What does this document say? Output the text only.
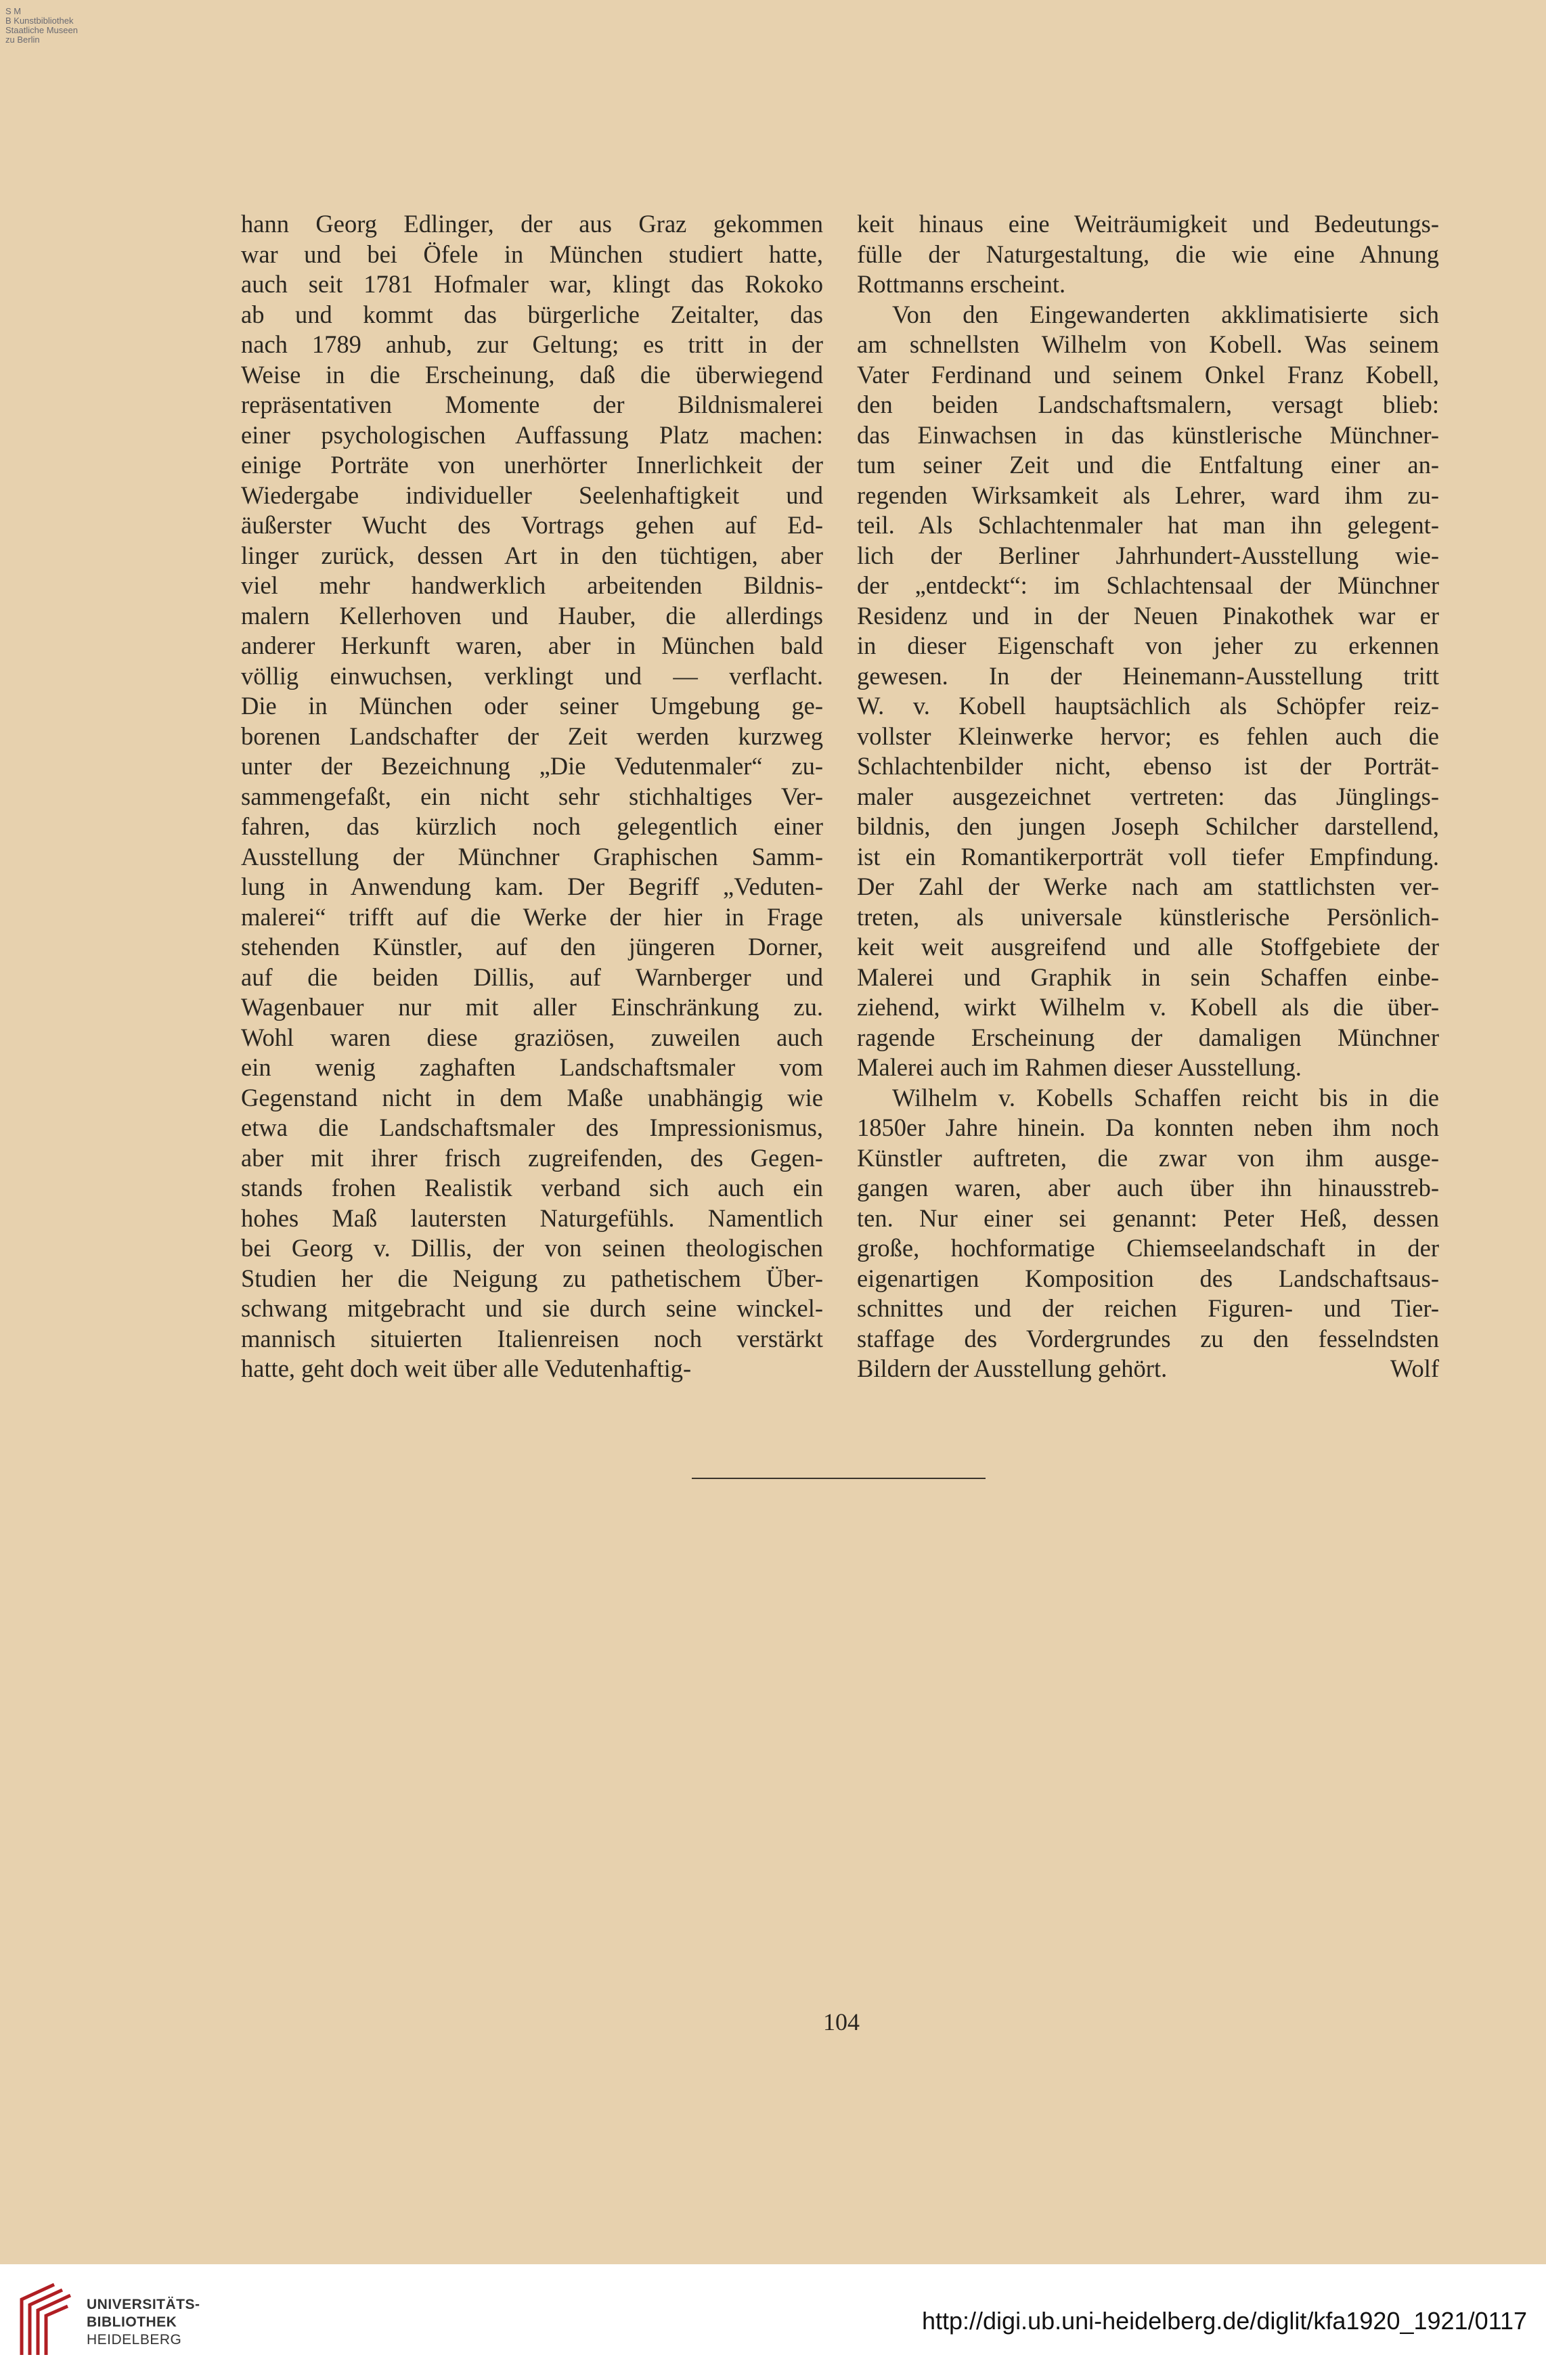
S M
B Kunstbibliothek
Staatliche Museen
zu Berlin
hann Georg Edlinger, der aus Graz gekommen
war und bei Öfele in München studiert hatte,
auch seit 1781 Hofmaler war, klingt das Rokoko
ab und kommt das bürgerliche Zeitalter, das
nach 1789 anhub, zur Geltung; es tritt in der
Weise in die Erscheinung, daß die überwiegend
repräsentativen Momente der Bildnismalerei
einer psychologischen Auffassung Platz machen:
einige Porträte von unerhörter Innerlichkeit der
Wiedergabe individueller Seelenhaftigkeit und
äußerster Wucht des Vortrags gehen auf Ed-
linger zurück, dessen Art in den tüchtigen, aber
viel mehr handwerklich arbeitenden Bildnis-
malern Kellerhoven und Hauber, die allerdings
anderer Herkunft waren, aber in München bald
völlig einwuchsen, verklingt und — verflacht.
Die in München oder seiner Umgebung ge-
borenen Landschafter der Zeit werden kurzweg
unter der Bezeichnung „Die Vedutenmaler“ zu-
sammengefaßt, ein nicht sehr stichhaltiges Ver-
fahren, das kürzlich noch gelegentlich einer
Ausstellung der Münchner Graphischen Samm-
lung in Anwendung kam. Der Begriff „Veduten-
malerei“ trifft auf die Werke der hier in Frage
stehenden Künstler, auf den jüngeren Dorner,
auf die beiden Dillis, auf Warnberger und
Wagenbauer nur mit aller Einschränkung zu.
Wohl waren diese graziösen, zuweilen auch
ein wenig zaghaften Landschaftsmaler vom
Gegenstand nicht in dem Maße unabhängig wie
etwa die Landschaftsmaler des Impressionismus,
aber mit ihrer frisch zugreifenden, des Gegen-
stands frohen Realistik verband sich auch ein
hohes Maß lautersten Naturgefühls. Namentlich
bei Georg v. Dillis, der von seinen theologischen
Studien her die Neigung zu pathetischem Über-
schwang mitgebracht und sie durch seine winckel-
mannisch situierten Italienreisen noch verstärkt
hatte, geht doch weit über alle Vedutenhaftig-
keit hinaus eine Weiträumigkeit und Bedeutungs-
fülle der Naturgestaltung, die wie eine Ahnung
Rottmanns erscheint.
Von den Eingewanderten akklimatisierte sich
am schnellsten Wilhelm von Kobell. Was seinem
Vater Ferdinand und seinem Onkel Franz Kobell,
den beiden Landschaftsmalern, versagt blieb:
das Einwachsen in das künstlerische Münchner-
tum seiner Zeit und die Entfaltung einer an-
regenden Wirksamkeit als Lehrer, ward ihm zu-
teil. Als Schlachtenmaler hat man ihn gelegent-
lich der Berliner Jahrhundert-Ausstellung wie-
der „entdeckt“: im Schlachtensaal der Münchner
Residenz und in der Neuen Pinakothek war er
in dieser Eigenschaft von jeher zu erkennen
gewesen. In der Heinemann-Ausstellung tritt
W. v. Kobell hauptsächlich als Schöpfer reiz-
vollster Kleinwerke hervor; es fehlen auch die
Schlachtenbilder nicht, ebenso ist der Porträt-
maler ausgezeichnet vertreten: das Jünglings-
bildnis, den jungen Joseph Schilcher darstellend,
ist ein Romantikerporträt voll tiefer Empfindung.
Der Zahl der Werke nach am stattlichsten ver-
treten, als universale künstlerische Persönlich-
keit weit ausgreifend und alle Stoffgebiete der
Malerei und Graphik in sein Schaffen einbe-
ziehend, wirkt Wilhelm v. Kobell als die über-
ragende Erscheinung der damaligen Münchner
Malerei auch im Rahmen dieser Ausstellung.
Wilhelm v. Kobells Schaffen reicht bis in die
1850er Jahre hinein. Da konnten neben ihm noch
Künstler auftreten, die zwar von ihm ausge-
gangen waren, aber auch über ihn hinausstreb-
ten. Nur einer sei genannt: Peter Heß, dessen
große, hochformatige Chiemseelandschaft in der
eigenartigen Komposition des Landschaftsaus-
schnittes und der reichen Figuren- und Tier-
staffage des Vordergrundes zu den fesselndsten
Bildern der Ausstellung gehört.	Wolf
104
UNIVERSITÄTS-
BIBLIOTHEK
HEIDELBERG
http://digi.ub.uni-heidelberg.de/diglit/kfa1920_1921/0117
